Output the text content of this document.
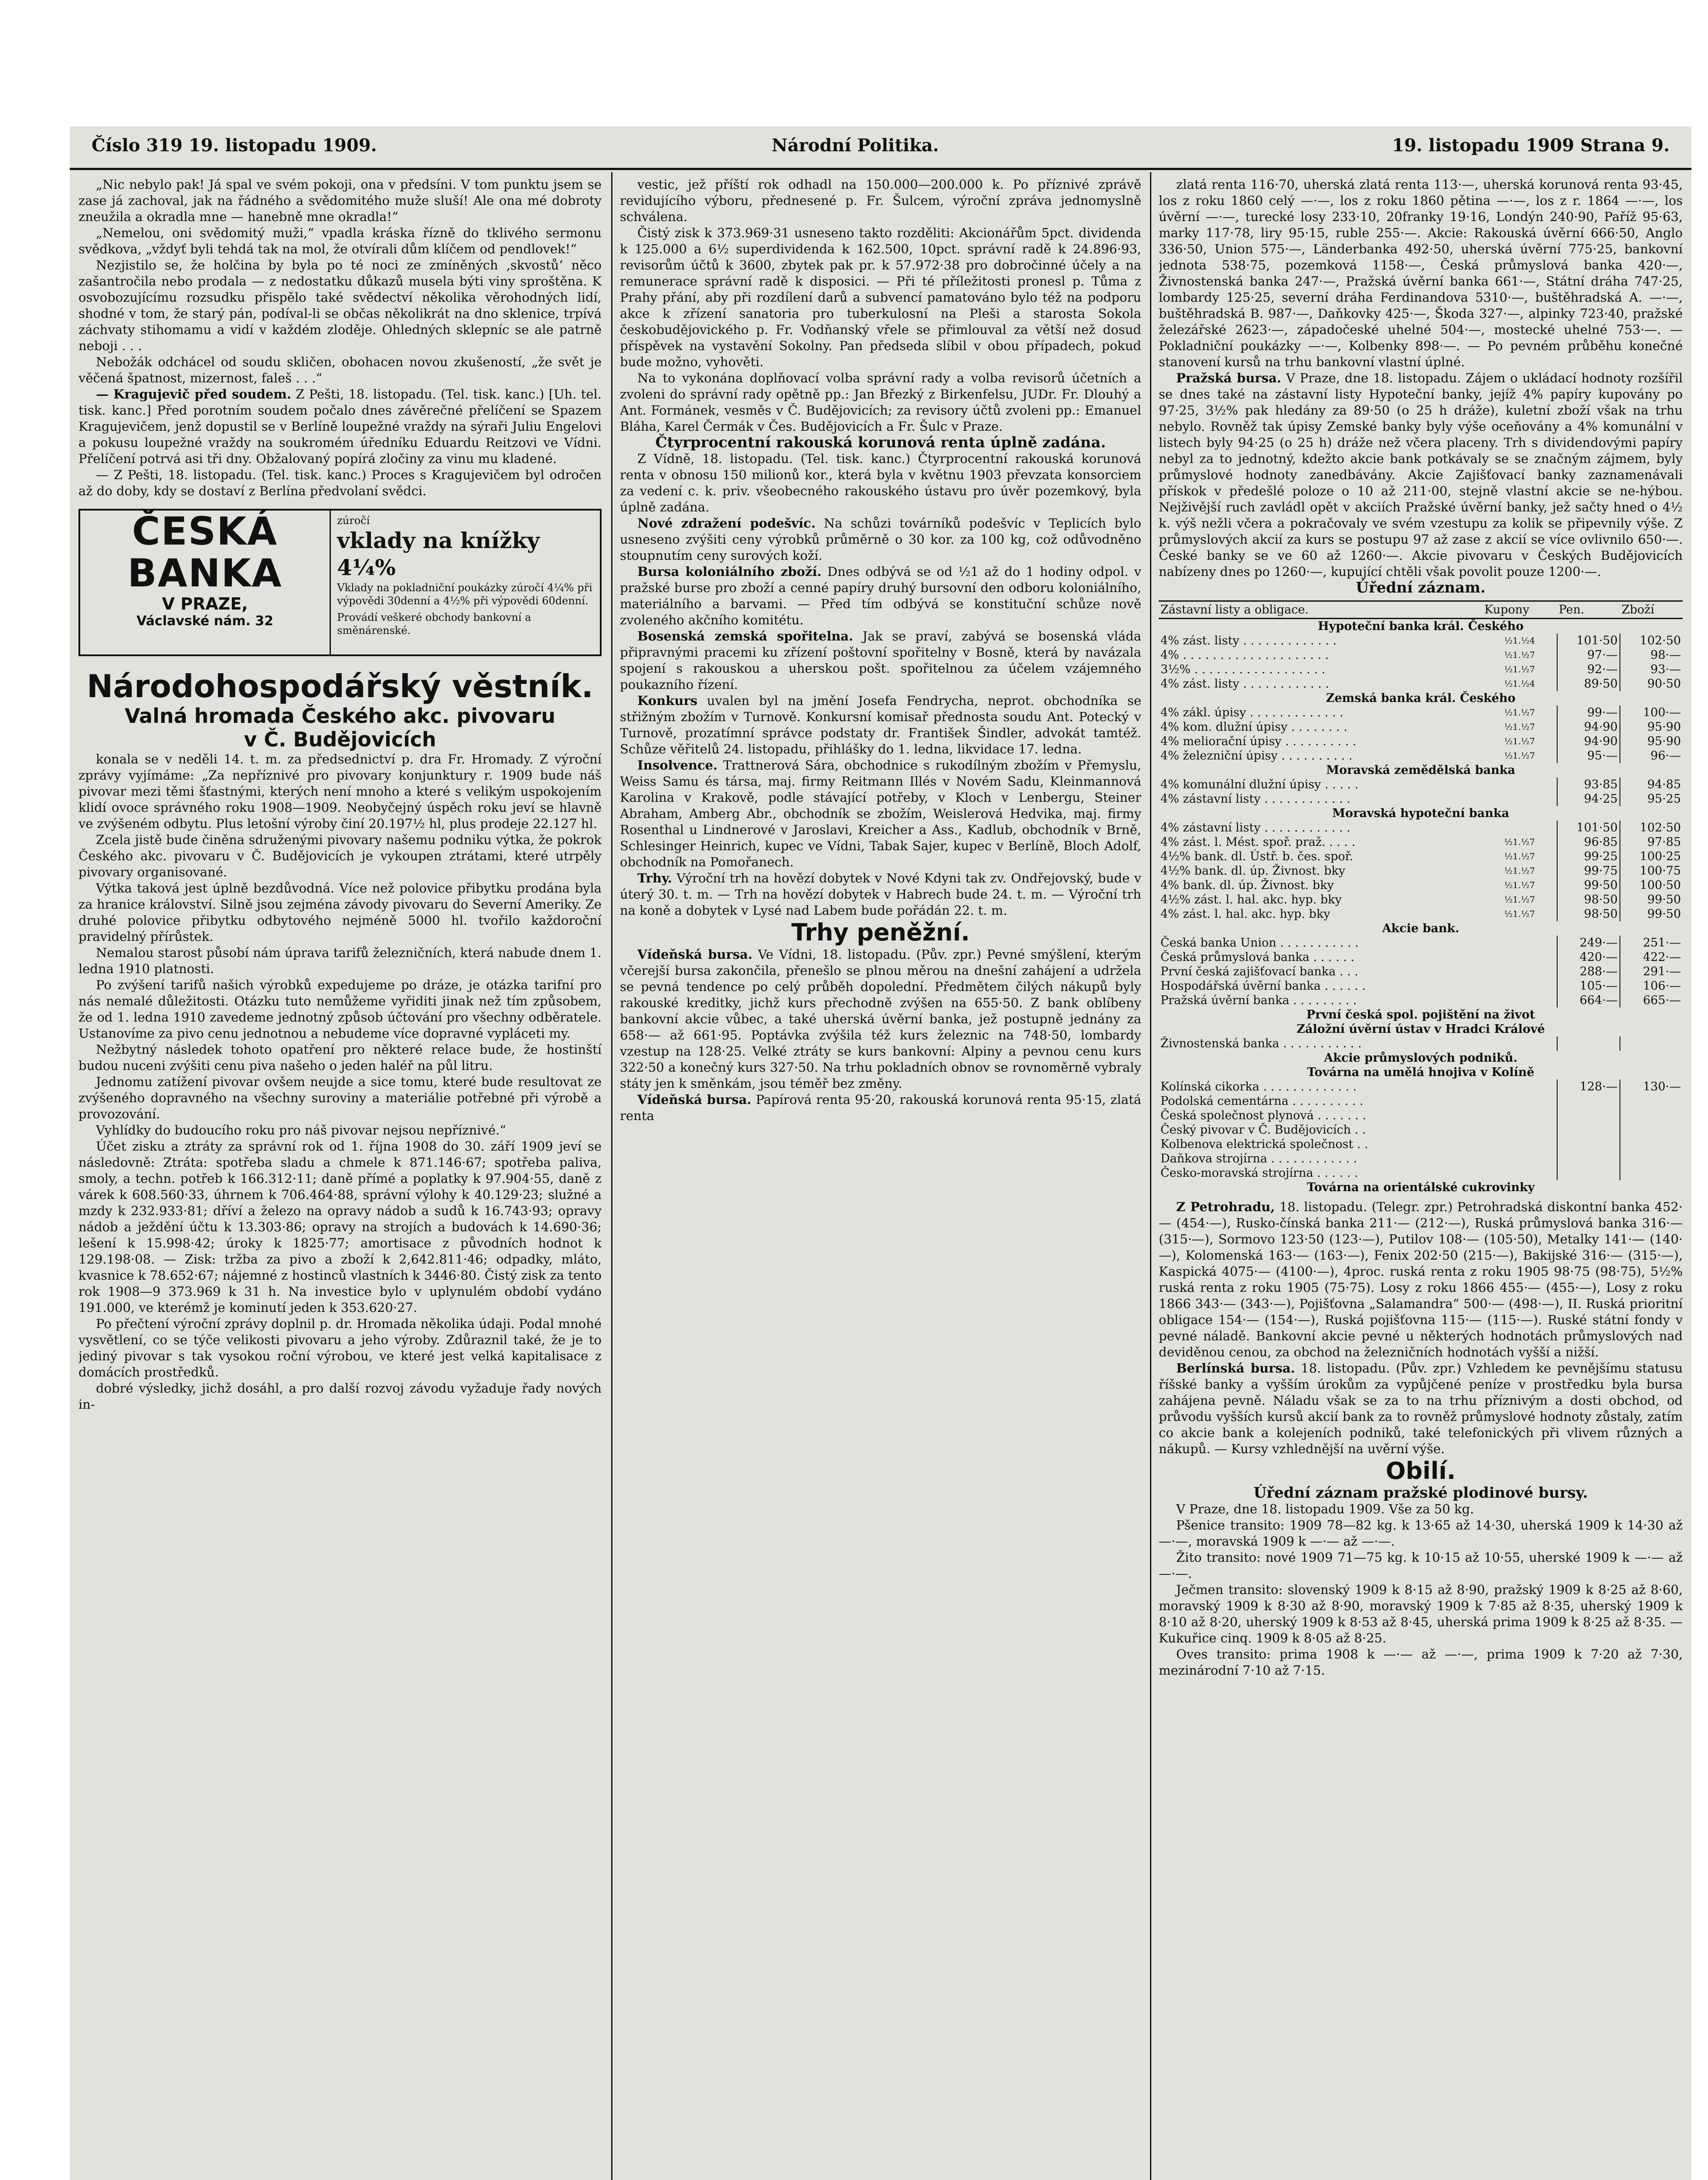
Číslo 319 19. listopadu 1909.	Národní Politika.	19. listopadu 1909 Strana 9.

„Nic nebylo pak! Já spal ve svém pokoji, ona v předsíni. V tom punktu jsem se zase já zachoval, jak na řádného a svědomitého muže sluší! Ale ona mé dobroty zneužila a okradla mne — hanebně mne okradla!“

„Nemelou, oni svědomitý muži,“ vpadla kráska řízně do tklivého sermonu svědkova, „vždyť byli tehdá tak na mol, že otvírali dům klíčem od pendlovek!“

Nezjistilo se, že holčina by byla po té noci ze zmíněných ‚skvostů‘ něco zašantročila nebo prodala — z nedostatku důkazů musela býti viny sproštěna. K osvobozujícímu rozsudku přispělo také svědectví několika věrohodných lidí, shodné v tom, že starý pán, podíval-li se občas několikrát na dno sklenice, trpívá záchvaty stihomamu a vidí v každém zloděje. Ohledných sklepníc se ale patrně neboji . . .

Nebožák odchácel od soudu skličen, obohacen novou zkušeností, „že svět je věčená špatnost, mizernost, faleš . . .“

— Kragujevič před soudem. Z Pešti, 18. listopadu. (Tel. tisk. kanc.) [Uh. tel. tisk. kanc.] Před porotním soudem počalo dnes závěrečné přelíčení se Spazem Kragujevičem, jenž dopustil se v Berlíně loupežné vraždy na sýraři Juliu Engelovi a pokusu loupežné vraždy na soukromém úředníku Eduardu Reitzovi ve Vídni. Přelíčení potrvá asi tři dny. Obžalovaný popírá zločiny za vinu mu kladené.

— Z Pešti, 18. listopadu. (Tel. tisk. kanc.) Proces s Kragujevičem byl odročen až do doby, kdy se dostaví z Berlína předvolaní svědci.

ČESKÁ
BANKA
V PRAZE,
Václavské nám. 32
zúročí
vklady na knížky 4¼%
Vklady na pokladniční poukázky zúročí 4¼% při výpovědi 30denní a 4½% při výpovědi 60denní.
Provádí veškeré obchody bankovní a směnárenské.

Národohospodářský věstník.

Valná hromada Českého akc. pivovaru

v Č. Budějovicích

konala se v neděli 14. t. m. za předsednictví p. dra Fr. Hromady. Z výroční zprávy vyjímáme: „Za nepříznivé pro pivovary konjunktury r. 1909 bude náš pivovar mezi těmi šťastnými, kterých není mnoho a které s velikým uspokojením klidí ovoce správného roku 1908—1909. Neobyčejný úspěch roku jeví se hlavně ve zvýšeném odbytu. Plus letošní výroby činí 20.197½ hl, plus prodeje 22.127 hl.

Zcela jistě bude činěna sdruženými pivovary našemu podniku výtka, že pokrok Českého akc. pivovaru v Č. Budějovicích je vykoupen ztrátami, které utrpěly pivovary organisované.

Výtka taková jest úplně bezdůvodná. Více než polovice přibytku prodána byla za hranice království. Silně jsou zejména závody pivovaru do Severní Ameriky. Ze druhé polovice přibytku odbytového nejméně 5000 hl. tvořilo každoroční pravidelný přírůstek.

Nemalou starost působí nám úprava tarifů železničních, která nabude dnem 1. ledna 1910 platnosti.

Po zvýšení tarifů našich výrobků expedujeme po dráze, je otázka tarifní pro nás nemalé důležitosti. Otázku tuto nemůžeme vyřiditi jinak než tím způsobem, že od 1. ledna 1910 zavedeme jednotný způsob účtování pro všechny odběratele. Ustanovíme za pivo cenu jednotnou a nebudeme více dopravné vypláceti my.

Nežbytný následek tohoto opatření pro některé relace bude, že hostinští budou nuceni zvýšiti cenu piva našeho o jeden haléř na půl litru.

Jednomu zatížení pivovar ovšem neujde a sice tomu, které bude resultovat ze zvýšeného dopravného na všechny suroviny a materiálie potřebné při výrobě a provozování.

Vyhlídky do budoucího roku pro náš pivovar nejsou nepříznivé.“

Účet zisku a ztráty za správní rok od 1. října 1908 do 30. září 1909 jeví se následovně: Ztráta: spotřeba sladu a chmele k 871.146·67; spotřeba paliva, smoly, a techn. potřeb k 166.312·11; daně přímé a poplatky k 97.904·55, daně z várek k 608.560·33, úhrnem k 706.464·88, správní výlohy k 40.129·23; služné a mzdy k 232.933·81; dříví a železo na opravy nádob a sudů k 16.743·93; opravy nádob a ježdění účtu k 13.303·86; opravy na strojích a budovách k 14.690·36; lešení k 15.998·42; úroky k 1825·77; amortisace z původních hodnot k 129.198·08. — Zisk: tržba za pivo a zboží k 2,642.811·46; odpadky, mláto, kvasnice k 78.652·67; nájemné z hostinců vlastních k 3446·80. Čistý zisk za tento rok 1908—9 373.969 k 31 h. Na investice bylo v uplynulém období vydáno 191.000, ve kterémž je kominutí jeden k 353.620·27.

Po přečtení výroční zprávy doplnil p. dr. Hromada několika údaji. Podal mnohé vysvětlení, co se týče velikosti pivovaru a jeho výroby. Zdůraznil také, že je to jediný pivovar s tak vysokou roční výrobou, ve které jest velká kapitalisace z domácích prostředků.

dobré výsledky, jichž dosáhl, a pro další rozvoj závodu vyžaduje řady nových in-

vestic, jež příští rok odhadl na 150.000—200.000 k. Po příznivé zprávě revidujícího výboru, přednesené p. Fr. Šulcem, výroční zpráva jednomyslně schválena.

Čistý zisk k 373.969·31 usneseno takto rozděliti: Akcionářům 5pct. dividenda k 125.000 a 6½ superdividenda k 162.500, 10pct. správní radě k 24.896·93, revisorům účtů k 3600, zbytek pak pr. k 57.972·38 pro dobročinné účely a na remunerace správní radě k disposici. — Při té příležitosti pronesl p. Tůma z Prahy přání, aby při rozdílení darů a subvencí pamatováno bylo též na podporu akce k zřízení sanatoria pro tuberkulosní na Pleši a starosta Sokola českobudějovického p. Fr. Vodňanský vřele se přimlouval za větší než dosud příspěvek na vystavění Sokolny. Pan předseda slíbil v obou případech, pokud bude možno, vyhověti.

Na to vykonána doplňovací volba správní rady a volba revisorů účetních a zvoleni do správní rady opětně pp.: Jan Březký z Birkenfelsu, JUDr. Fr. Dlouhý a Ant. Formánek, vesměs v Č. Budějovicích; za revisory účtů zvoleni pp.: Emanuel Bláha, Karel Čermák v Čes. Budějovicích a Fr. Šulc v Praze.

Čtyrprocentní rakouská korunová renta úplně zadána.

Z Vídně, 18. listopadu. (Tel. tisk. kanc.) Čtyrprocentní rakouská korunová renta v obnosu 150 milionů kor., která byla v květnu 1903 převzata konsorciem za vedení c. k. priv. všeobecného rakouského ústavu pro úvěr pozemkový, byla úplně zadána.

Nové zdražení podešvíc. Na schůzi továrníků podešvíc v Teplicích bylo usneseno zvýšiti ceny výrobků průměrně o 30 kor. za 100 kg, což odůvodněno stoupnutím ceny surových koží.

Bursa koloniálního zboží. Dnes odbývá se od ½1 až do 1 hodiny odpol. v pražské burse pro zboží a cenné papíry druhý bursovní den odboru koloniálního, materiálního a barvami. — Před tím odbývá se konstituční schůze nově zvoleného akčního komitétu.

Bosenská zemská spořitelna. Jak se praví, zabývá se bosenská vláda připravnými pracemi ku zřízení poštovní spořitelny v Bosně, která by navázala spojení s rakouskou a uherskou pošt. spořitelnou za účelem vzájemného poukazního řízení.

Konkurs uvalen byl na jmění Josefa Fendrychа, neprot. obchodníka se střižným zbožím v Turnově. Konkursní komisař přednosta soudu Ant. Potecký v Turnově, prozatímní správce podstaty dr. František Šindler, advokát tamtéž. Schůze věřitelů 24. listopadu, přihlášky do 1. ledna, likvidace 17. ledna.

Insolvence. Trattnerová Sára, obchodnice s rukodílným zbožím v Přemyslu, Weiss Samu és társa, maj. firmy Reitmann Illés v Novém Sadu, Kleinmannová Karolina v Krakově, podle stávající potřeby, v Kloch v Lenbergu, Steiner Abraham, Amberg Abr., obchodník se zbožím, Weislerová Hedvika, maj. firmy Rosenthal u Lindnerové v Jaroslavi, Kreicher a Ass., Kadlub, obchodník v Brně, Schlesinger Heinrich, kupec ve Vídni, Tabak Sajer, kupec v Berlíně, Bloch Adolf, obchodník na Pomořanech.

Trhy. Výroční trh na hovězí dobytek v Nové Kdyni tak zv. Ondřejovský, bude v úterý 30. t. m. — Trh na hovězí dobytek v Habrech bude 24. t. m. — Výroční trh na koně a dobytek v Lysé nad Labem bude pořádán 22. t. m.

Trhy peněžní.

Vídeňská bursa. Ve Vídni, 18. listopadu. (Pův. zpr.) Pevné smýšlení, kterým včerejší bursa zakončila, přenešlo se plnou měrou na dnešní zahájení a udržela se pevná tendence po celý průběh dopolední. Předmětem čilých nákupů byly rakouské kreditky, jichž kurs přechodně zvýšen na 655·50. Z bank oblíbeny bankovní akcie vůbec, a také uherská úvěrní banka, jež postupně jednány za 658·— až 661·95. Poptávka zvýšila též kurs železnic na 748·50, lombardy vzestup na 128·25. Velké ztráty se kurs bankovní: Alpiny a pevnou cenu kurs 322·50 a konečný kurs 327·50. Na trhu pokladních obnov se rovnoměrně vybraly státy jen k směnkám, jsou téměř bez změny.

Vídeňská bursa. Papírová renta 95·20, rakouská korunová renta 95·15, zlatá renta

zlatá renta 116·70, uherská zlatá renta 113·—, uherská korunová renta 93·45, los z roku 1860 celý —·—, los z roku 1860 pětina —·—, los z r. 1864 —·—, los úvěrní —·—, turecké losy 233·10, 20franky 19·16, Londýn 240·90, Paříž 95·63, marky 117·78, liry 95·15, ruble 255·—. Akcie: Rakouská úvěrní 666·50, Anglo 336·50, Union 575·—, Länderbanka 492·50, uherská úvěrní 775·25, bankovní jednota 538·75, pozemková 1158·—, Česká průmyslová banka 420·—, Živnostenská banka 247·—, Pražská úvěrní banka 661·—, Státní dráha 747·25, lombardy 125·25, severní dráha Ferdinandova 5310·—, buštěhradská A. —·—, buštěhradská B. 987·—, Daňkovky 425·—, Škoda 327·—, alpinky 723·40, pražské železářské 2623·—, západočeské uhelné 504·—, mostecké uhelné 753·—. — Pokladniční poukázky —·—, Kolbenky 898·—. — Po pevném průběhu konečné stanovení kursů na trhu bankovní vlastní úplné.

Pražská bursa. V Praze, dne 18. listopadu. Zájem o ukládací hodnoty rozšířil se dnes také na zástavní listy Hypoteční banky, jejíž 4% papíry kupovány po 97·25, 3½% pak hledány za 89·50 (o 25 h dráže), kuletní zboží však na trhu nebylo. Rovněž tak úpisy Zemské banky byly výše oceňovány a 4% komunální v listech byly 94·25 (o 25 h) dráže než včera placeny. Trh s dividendovými papíry nebyl za to jednotný, kdežto akcie bank potkávaly se se značným zájmem, byly průmyslové hodnoty zanedbávány. Akcie Zajišťovací banky zaznamenávali přískok v předešlé poloze o 10 až 211·00, stejně vlastní akcie se ne-hýbou. Nejživější ruch zavládl opět v akciích Pražské úvěrní banky, jež sačty hned o 4½ k. výš nežli včera a pokračovaly ve svém vzestupu za kolik se připevnily výše. Z průmyslových akcií za kurs se postupu 97 až zase z akcií se více ovlivnilo 650·—. České banky se ve 60 až 1260·—. Akcie pivovaru v Českých Budějovicích nabízeny dnes po 1260·—, kupující chtěli však povolit pouze 1200·—.

Úřední záznam.

Zástavní listy a obligace.	Kupony	Pen.	Zboží
Hypoteční banka král. Českého			
4% zást. listy . . . . . . . . . . . . .	½1.½4	101·50	102·50
4% . . . . . . . . . . . . . . . . . . . .	½1.½7	97·—	98·—
3½% . . . . . . . . . . . . . . . . . .	½1.½7	92·—	93·—
4% zást. listy . . . . . . . . . . . .	½1.½4	89·50	90·50
Zemská banka král. Českého			
4% zákl. úpisy . . . . . . . . . . . . .	½1.½7	99·—	100·—
4% kom. dlužní úpisy . . . . . . . .	½1.½7	94·90	95·90
4% meliorační úpisy . . . . . . . . . .	½1.½7	94·90	95·90
4% železniční úpisy . . . . . . . . . .	½1.½7	95·—	96·—
Moravská zemědělská banka			
4% komunální dlužní úpisy . . . . .		93·85	94·85
4% zástavní listy . . . . . . . . . . . .		94·25	95·25
Moravská hypoteční banka			
4% zástavní listy . . . . . . . . . . . .		101·50	102·50
4% zást. l. Mést. spoř. praž. . . . .	½1.½7	96·85	97·85
4½% bank. dl. Ústř. b. čes. spoř.	½1.½7	99·25	100·25
4½% bank. dl. úp. Živnost. bky	½1.½7	99·75	100·75
4% bank. dl. úp. Živnost. bky	½1.½7	99·50	100·50
4½% zást. l. hal. akc. hyp. bky	½1.½7	98·50	99·50
4% zást. l. hal. akc. hyp. bky	½1.½7	98·50	99·50
Akcie bank.			
Česká banka Union . . . . . . . . . . .		249·—	251·—
Česká průmyslová banka . . . . . .		420·—	422·—
První česká zajišťovací banka . . .		288·—	291·—
Hospodářská úvěrní banka . . . . . .		105·—	106·—
Pražská úvěrní banka . . . . . . . . .		664·—	665·—
První česká spol. pojištění na život			
Záložní úvěrní ústav v Hradci Králové			
Živnostenská banka . . . . . . . . . . .			
Akcie průmyslových podniků.			
Továrna na umělá hnojiva v Kolíně			
Kolínská cikorka . . . . . . . . . . . . .		128·—	130·—
Podolská cementárna . . . . . . . . . .			
Česká společnost plynová . . . . . . .			
Český pivovar v Č. Budějovicích . .			
Kolbenova elektrická společnost . .			
Daňkova strojírna . . . . . . . . . . . .			
Česko-moravská strojírna . . . . . .			
Továrna na orientálské cukrovinky			

Z Petrohradu, 18. listopadu. (Telegr. zpr.) Petrohradská diskontní banka 452·— (454·—), Rusko-čínská banka 211·— (212·—), Ruská průmyslová banka 316·— (315·—), Sormovo 123·50 (123·—), Putilov 108·— (105·50), Metalky 141·— (140·—), Kolomenská 163·— (163·—), Fenix 202·50 (215·—), Bakijské 316·— (315·—), Kaspická 4075·— (4100·—), 4proc. ruská renta z roku 1905 98·75 (98·75), 5½% ruská renta z roku 1905 (75·75). Losy z roku 1866 455·— (455·—), Losy z roku 1866 343·— (343·—), Pojišťovna „Salamandra“ 500·— (498·—), II. Ruská prioritní obligace 154·— (154·—), Ruská pojišťovna 115·— (115·—). Ruské státní fondy v pevné náladě. Bankovní akcie pevné u některých hodnotách průmyslových nad deviděnou cenou, za obchod na železničních hodnotách vyšší a nižší.

Berlínská bursa. 18. listopadu. (Pův. zpr.) Vzhledem ke pevnějšímu statusu říšské banky a vyšším úrokům za vypůjčené peníze v prostředku byla bursa zahájena pevně. Náladu však se za to na trhu příznivým a dosti obchod, od průvodu vyšších kursů akcií bank za to rovněž průmyslové hodnoty zůstaly, zatím co akcie bank a kolejeních podniků, také telefonických při vlivem různých a nákupů. — Kursy vzhlednější na uvěrní výše.

Obilí.

Úřední záznam pražské plodinové bursy.

V Praze, dne 18. listopadu 1909. Vše za 50 kg.

Pšenice transito: 1909 78—82 kg. k 13·65 až 14·30, uherská 1909 k 14·30 až —·—, moravská 1909 k —·— až —·—.

Žito transito: nové 1909 71—75 kg. k 10·15 až 10·55, uherské 1909 k —·— až —·—.

Ječmen transito: slovenský 1909 k 8·15 až 8·90, pražský 1909 k 8·25 až 8·60, moravský 1909 k 8·30 až 8·90, moravský 1909 k 7·85 až 8·35, uherský 1909 k 8·10 až 8·20, uherský 1909 k 8·53 až 8·45, uherská prima 1909 k 8·25 až 8·35. — Kukuřice cinq. 1909 k 8·05 až 8·25.

Oves transito: prima 1908 k —·— až —·—, prima 1909 k 7·20 až 7·30, mezinárodní 7·10 až 7·15.
